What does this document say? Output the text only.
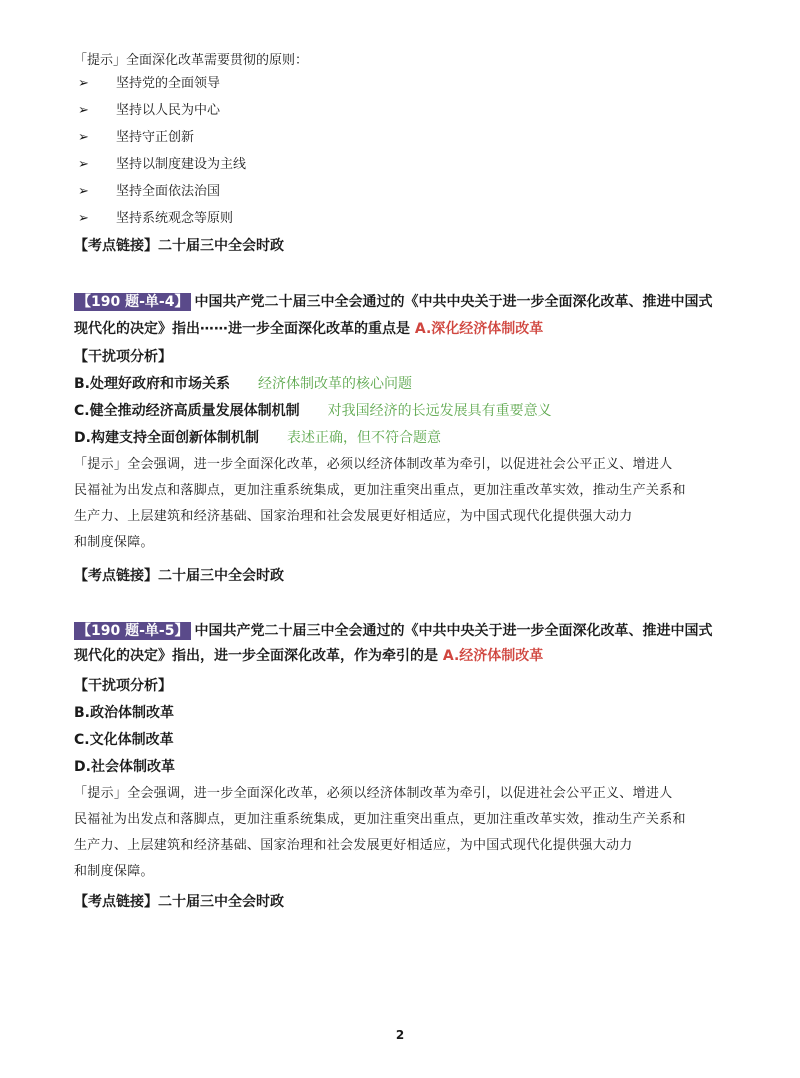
「提示」全面深化改革需要贯彻的原则：
➢ 坚持党的全面领导
➢ 坚持以人民为中心
➢ 坚持守正创新
➢ 坚持以制度建设为主线
➢ 坚持全面依法治国
➢ 坚持系统观念等原则
【考点链接】二十届三中全会时政
【190 题-单-4】 中国共产党二十届三中全会通过的《中共中央关于进一步全面深化改革、推进中国式
现代化的决定》指出⋯⋯进一步全面深化改革的重点是 A.深化经济体制改革
【干扰项分析】
B.处理好政府和市场关系 经济体制改革的核心问题
C.健全推动经济高质量发展体制机制 对我国经济的长远发展具有重要意义
D.构建支持全面创新体制机制 表述正确，但不符合题意
「提示」全会强调，进一步全面深化改革，必须以经济体制改革为牵引，以促进社会公平正义、增进人
民福祉为出发点和落脚点，更加注重系统集成，更加注重突出重点，更加注重改革实效，推动生产关系和
生产力、上层建筑和经济基础、国家治理和社会发展更好相适应，为中国式现代化提供强大动力
和制度保障。
【考点链接】二十届三中全会时政
【190 题-单-5】 中国共产党二十届三中全会通过的《中共中央关于进一步全面深化改革、推进中国式
现代化的决定》指出，进一步全面深化改革，作为牵引的是 A.经济体制改革
【干扰项分析】
B.政治体制改革
C.文化体制改革
D.社会体制改革
「提示」全会强调，进一步全面深化改革，必须以经济体制改革为牵引，以促进社会公平正义、增进人
民福祉为出发点和落脚点，更加注重系统集成，更加注重突出重点，更加注重改革实效，推动生产关系和
生产力、上层建筑和经济基础、国家治理和社会发展更好相适应，为中国式现代化提供强大动力
和制度保障。
【考点链接】二十届三中全会时政
2
